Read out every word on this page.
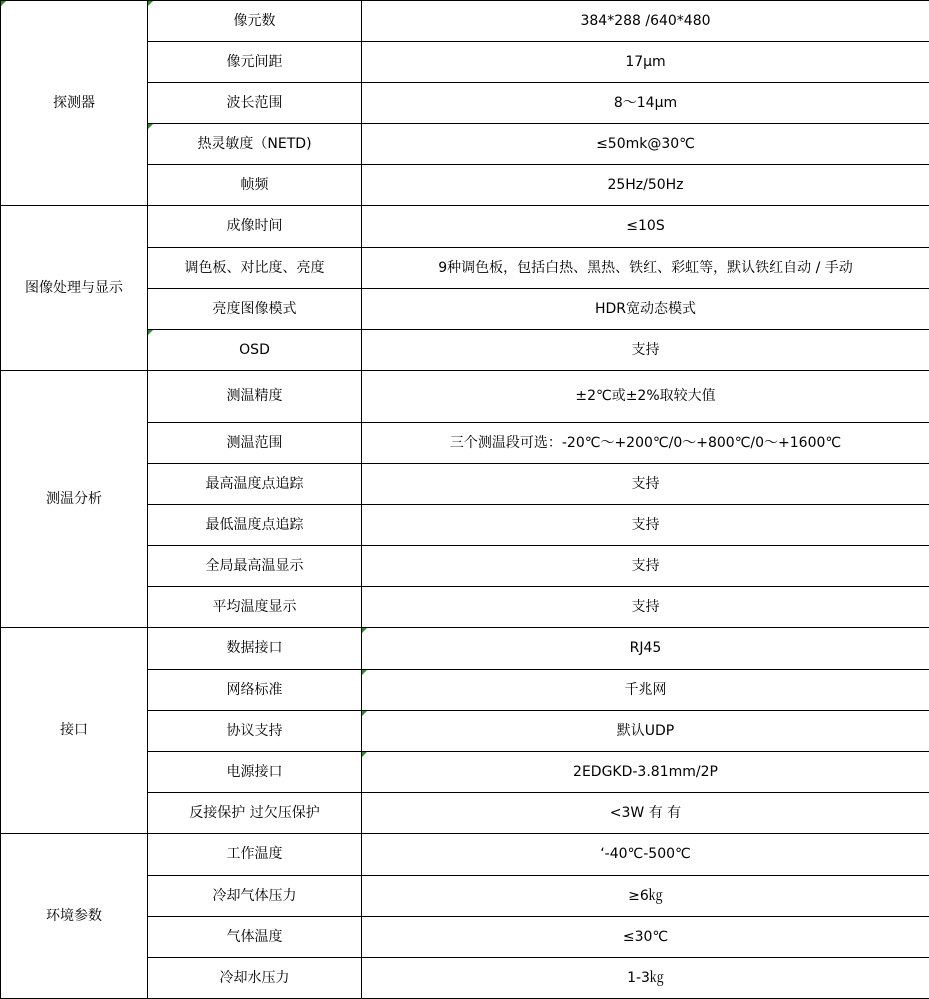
探测器	像元数	384*288 /640*480
	像元间距	17μm
	波长范围	8～14μm
	热灵敏度（NETD)	≤50mk@30℃
	帧频	25Hz/50Hz
图像处理与显示	成像时间	≤10S
	调色板、对比度、亮度	9种调色板，包括白热、黑热、铁红、彩虹等，默认铁红自动 / 手动
	亮度图像模式	HDR宽动态模式
	OSD	支持
测温分析	测温精度	±2℃或±2%取较大值
	测温范围	三个测温段可选：-20℃～+200℃/0～+800℃/0～+1600℃
	最高温度点追踪	支持
	最低温度点追踪	支持
	全局最高温显示	支持
	平均温度显示	支持
接口	数据接口	RJ45
	网络标准	千兆网
	协议支持	默认UDP
	电源接口	2EDGKD-3.81mm/2P
	反接保护 过欠压保护	<3W 有 有
环境参数	工作温度	‘-40℃-500℃
	冷却气体压力	≥6㎏
	气体温度	≤30℃
	冷却水压力	1-3㎏
